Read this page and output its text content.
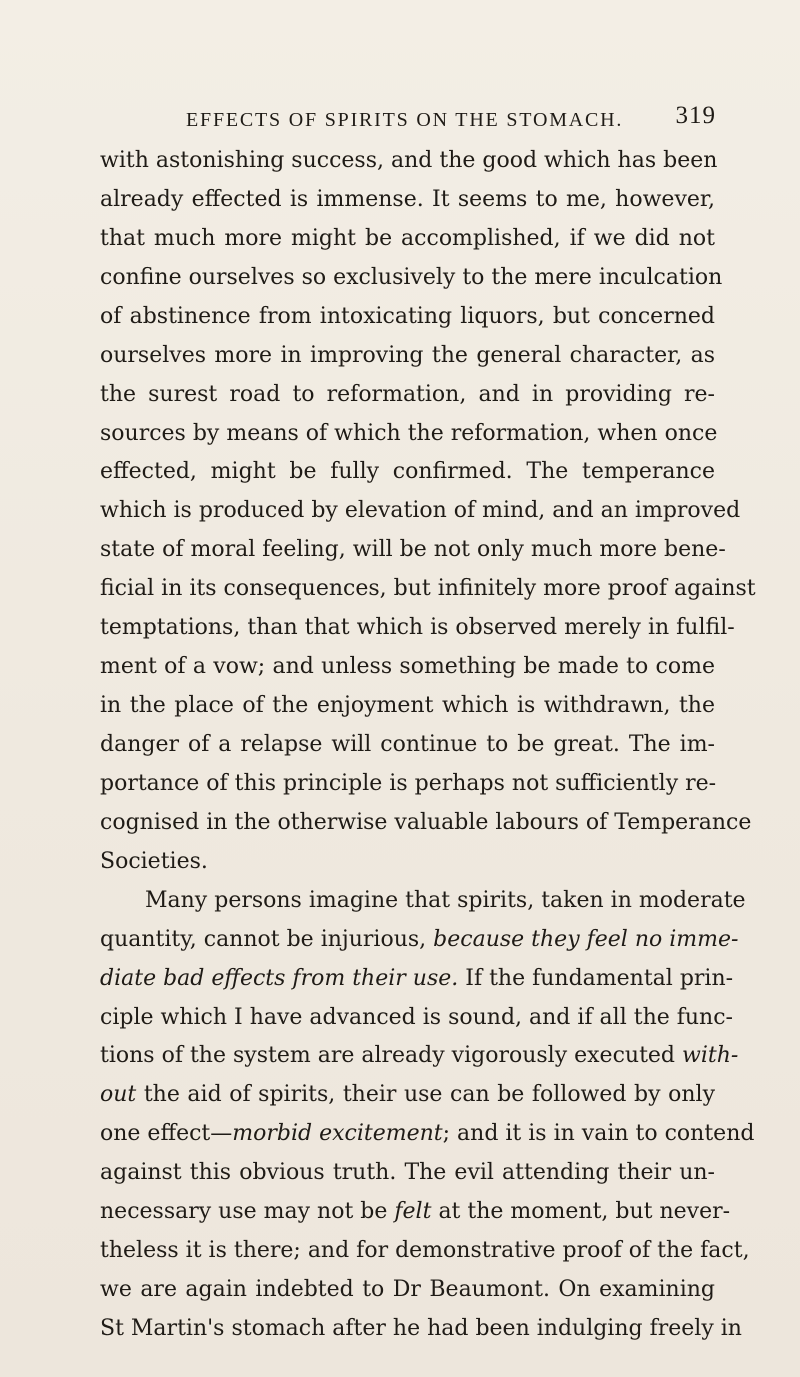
EFFECTS OF SPIRITS ON THE STOMACH. 319
with astonishing success, and the good which has been
already effected is immense. It seems to me, however,
that much more might be accomplished, if we did not
confine ourselves so exclusively to the mere inculcation
of abstinence from intoxicating liquors, but concerned
ourselves more in improving the general character, as
the surest road to reformation, and in providing re-
sources by means of which the reformation, when once
effected, might be fully confirmed. The temperance
which is produced by elevation of mind, and an improved
state of moral feeling, will be not only much more bene-
ficial in its consequences, but infinitely more proof against
temptations, than that which is observed merely in fulfil-
ment of a vow; and unless something be made to come
in the place of the enjoyment which is withdrawn, the
danger of a relapse will continue to be great. The im-
portance of this principle is perhaps not sufficiently re-
cognised in the otherwise valuable labours of Temperance
Societies.
Many persons imagine that spirits, taken in moderate
quantity, cannot be injurious, because they feel no imme-
diate bad effects from their use. If the fundamental prin-
ciple which I have advanced is sound, and if all the func-
tions of the system are already vigorously executed with-
out the aid of spirits, their use can be followed by only
one effect—morbid excitement; and it is in vain to contend
against this obvious truth. The evil attending their un-
necessary use may not be felt at the moment, but never-
theless it is there; and for demonstrative proof of the fact,
we are again indebted to Dr Beaumont. On examining
St Martin's stomach after he had been indulging freely in
